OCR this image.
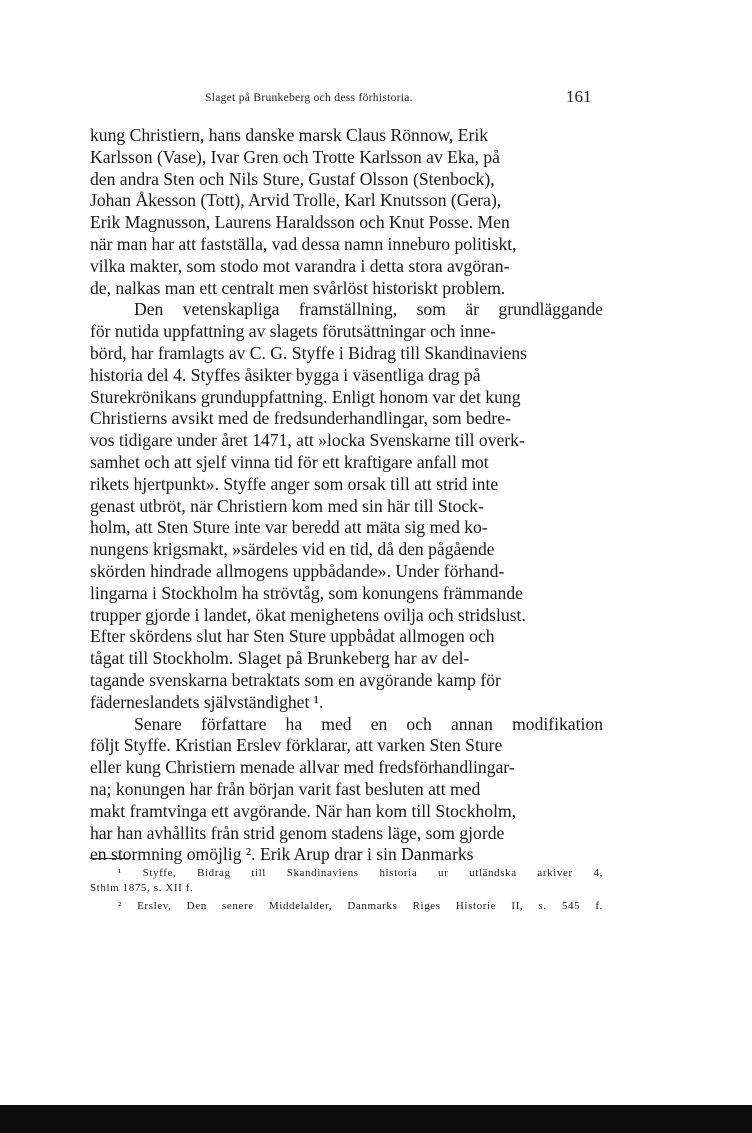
Slaget på Brunkeberg och dess förhistoria.	161
kung Christiern, hans danske marsk Claus Rönnow, Erik
Karlsson (Vase), Ivar Gren och Trotte Karlsson av Eka, på
den andra Sten och Nils Sture, Gustaf Olsson (Stenbock),
Johan Åkesson (Tott), Arvid Trolle, Karl Knutsson (Gera),
Erik Magnusson, Laurens Haraldsson och Knut Posse. Men
när man har att fastställa, vad dessa namn inneburo politiskt,
vilka makter, som stodo mot varandra i detta stora avgöran-
de, nalkas man ett centralt men svårlöst historiskt problem.
Den vetenskapliga framställning, som är grundläggande
för nutida uppfattning av slagets förutsättningar och inne-
börd, har framlagts av C. G. Styffe i Bidrag till Skandinaviens
historia del 4. Styffes åsikter bygga i väsentliga drag på
Sturekrönikans grunduppfattning. Enligt honom var det kung
Christierns avsikt med de fredsunderhandlingar, som bedre-
vos tidigare under året 1471, att »locka Svenskarne till overk-
samhet och att sjelf vinna tid för ett kraftigare anfall mot
rikets hjertpunkt». Styffe anger som orsak till att strid inte
genast utbröt, när Christiern kom med sin här till Stock-
holm, att Sten Sture inte var beredd att mäta sig med ko-
nungens krigsmakt, »särdeles vid en tid, då den pågående
skörden hindrade allmogens uppbådande». Under förhand-
lingarna i Stockholm ha strövtåg, som konungens främmande
trupper gjorde i landet, ökat menighetens ovilja och stridslust.
Efter skördens slut har Sten Sture uppbådat allmogen och
tågat till Stockholm. Slaget på Brunkeberg har av del-
tagande svenskarna betraktats som en avgörande kamp för
fäderneslandets självständighet ¹.
Senare författare ha med en och annan modifikation
följt Styffe. Kristian Erslev förklarar, att varken Sten Sture
eller kung Christiern menade allvar med fredsförhandlingar-
na; konungen har från början varit fast besluten att med
makt framtvinga ett avgörande. När han kom till Stockholm,
har han avhållits från strid genom stadens läge, som gjorde
en stormning omöjlig ². Erik Arup drar i sin Danmarks
¹ Styffe, Bidrag till Skandinaviens historia ur utländska arkiver 4,
Sthlm 1875, s. XII f.
² Erslev, Den senere Middelalder, Danmarks Riges Historie II, s. 545 f.
